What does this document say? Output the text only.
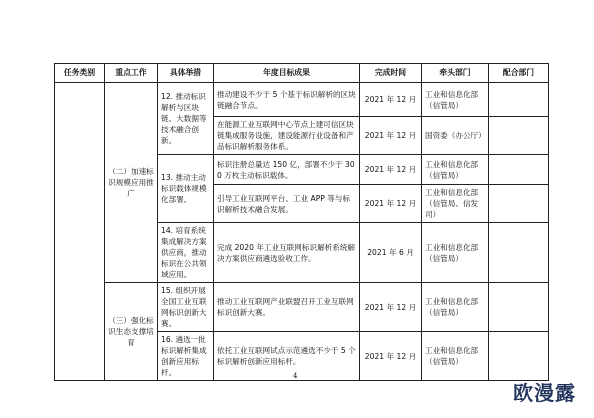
任务类别	重点工作	具体举措	年度目标成果	完成时间	牵头部门	配合部门
	（二）加速标识规模应用推广	12. 推动标识解析与区块链、大数据等技术融合创新。	推动建设不少于 5 个基于标识解析的区块链融合节点。	2021 年 12 月	工业和信息化部（信管局）	
			在能源工业互联网中心节点上建可信区块链集成服务设施，建设能源行业设备和产品标识解析服务体系。	2021 年 12 月	国资委（办公厅）	
		13. 推动主动标识载体规模化部署。	标识注册总量达 150 亿，部署不少于 300 万枚主动标识载体。	2021 年 12 月	工业和信息化部（信管局）	
			引导工业互联网平台、工业 APP 等与标识解析技术融合发展。	2021 年 12 月	工业和信息化部（信管局、信发司）	
		14. 培育系统集成解决方案供应商，推动标识在公共领域应用。	完成 2020 年工业互联网标识解析系统解决方案供应商遴选验收工作。	2021 年 6 月	工业和信息化部（信管局）	
	（三）强化标识生态支撑培育	15. 组织开展全国工业互联网标识创新大赛。	推动工业互联网产业联盟召开工业互联网标识创新大赛。	2021 年 12 月	工业和信息化部（信管局）	
		16. 遴选一批标识解析集成创新应用标杆。	依托工业互联网试点示范遴选不少于 5 个标识解析创新应用标杆。	2021 年 12 月	工业和信息化部（信管局）	
4
欧漫露
